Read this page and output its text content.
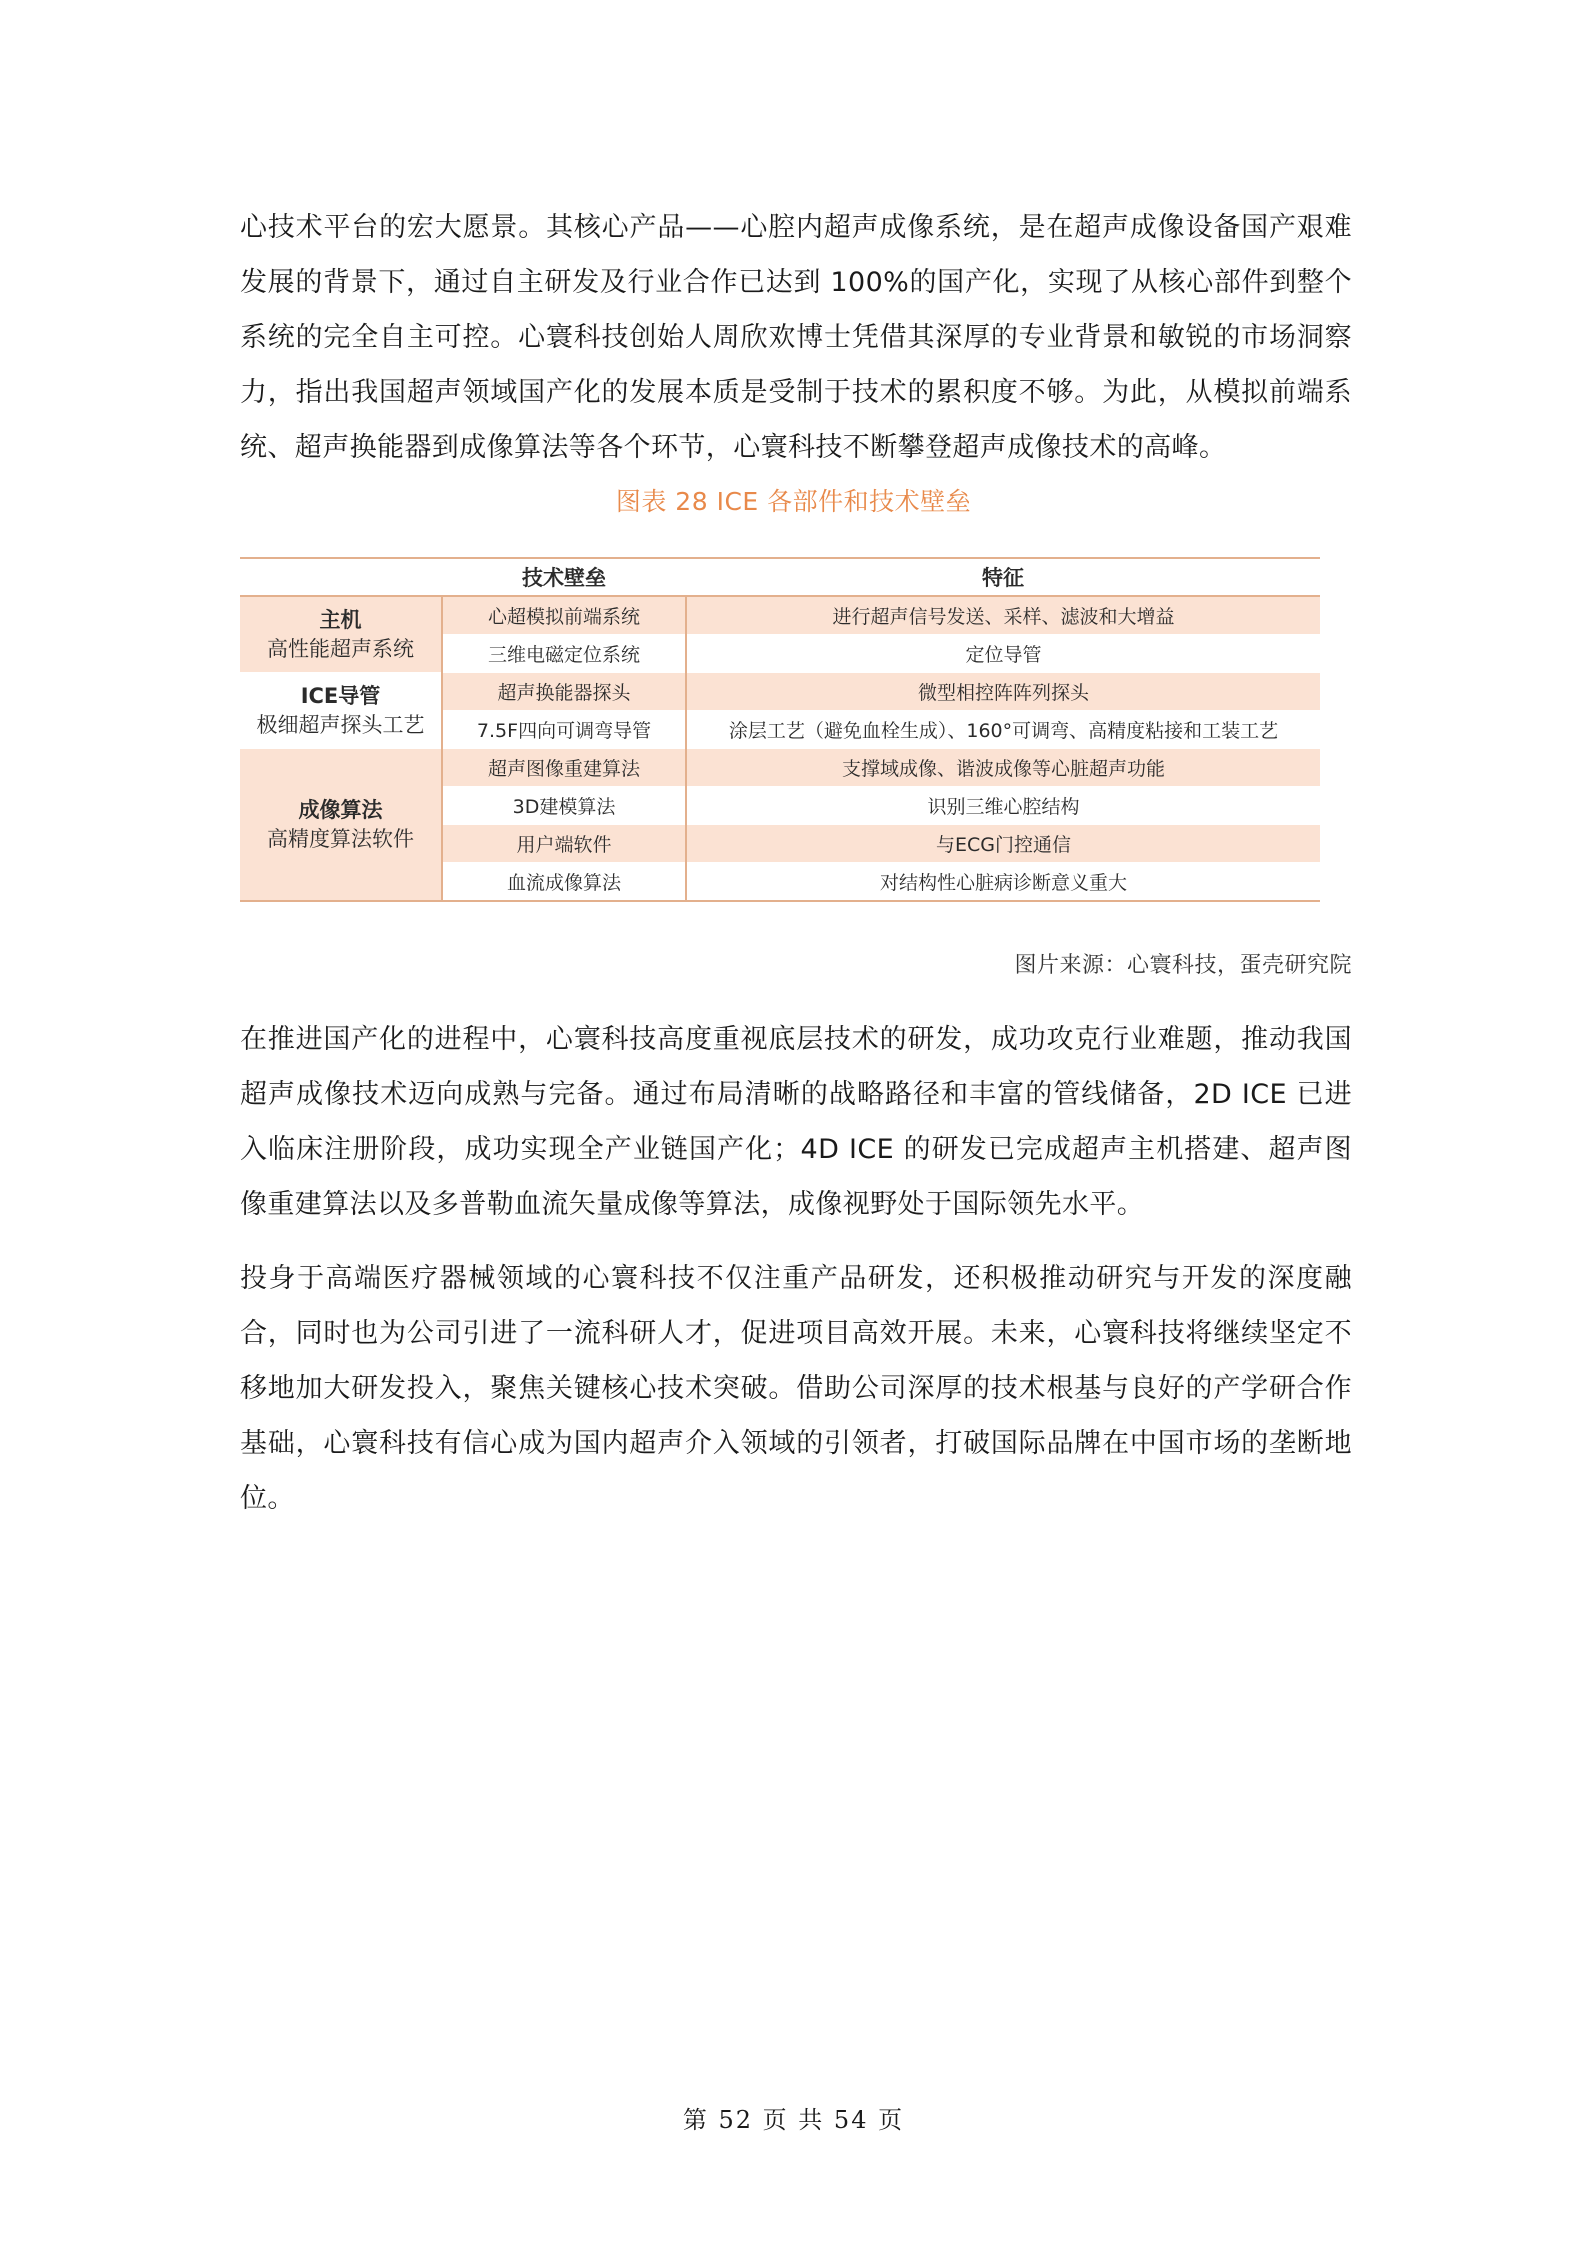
心技术平台的宏大愿景。其核心产品——心腔内超声成像系统，是在超声成像设备国产艰难发展的背景下，通过自主研发及行业合作已达到 100%的国产化，实现了从核心部件到整个系统的完全自主可控。心寰科技创始人周欣欢博士凭借其深厚的专业背景和敏锐的市场洞察力，指出我国超声领域国产化的发展本质是受制于技术的累积度不够。为此，从模拟前端系统、超声换能器到成像算法等各个环节，心寰科技不断攀登超声成像技术的高峰。

图表 28 ICE 各部件和技术壁垒
	技术壁垒	特征

主机
高性能超声系统	心超模拟前端系统	进行超声信号发送、采样、滤波和大增益
	三维电磁定位系统	定位导管

ICE导管
极细超声探头工艺	超声换能器探头	微型相控阵阵列探头
	7.5F四向可调弯导管	涂层工艺（避免血栓生成）、160°可调弯、高精度粘接和工装工艺

成像算法
高精度算法软件	超声图像重建算法	支撑域成像、谐波成像等心脏超声功能
	3D建模算法	识别三维心腔结构
	用户端软件	与ECG门控通信
	血流成像算法	对结构性心脏病诊断意义重大
图片来源：心寰科技，蛋壳研究院

在推进国产化的进程中，心寰科技高度重视底层技术的研发，成功攻克行业难题，推动我国超声成像技术迈向成熟与完备。通过布局清晰的战略路径和丰富的管线储备，2D ICE 已进入临床注册阶段，成功实现全产业链国产化；4D ICE 的研发已完成超声主机搭建、超声图像重建算法以及多普勒血流矢量成像等算法，成像视野处于国际领先水平。

投身于高端医疗器械领域的心寰科技不仅注重产品研发，还积极推动研究与开发的深度融合，同时也为公司引进了一流科研人才，促进项目高效开展。未来，心寰科技将继续坚定不移地加大研发投入，聚焦关键核心技术突破。借助公司深厚的技术根基与良好的产学研合作基础，心寰科技有信心成为国内超声介入领域的引领者，打破国际品牌在中国市场的垄断地位。

第 52 页 共 54 页
